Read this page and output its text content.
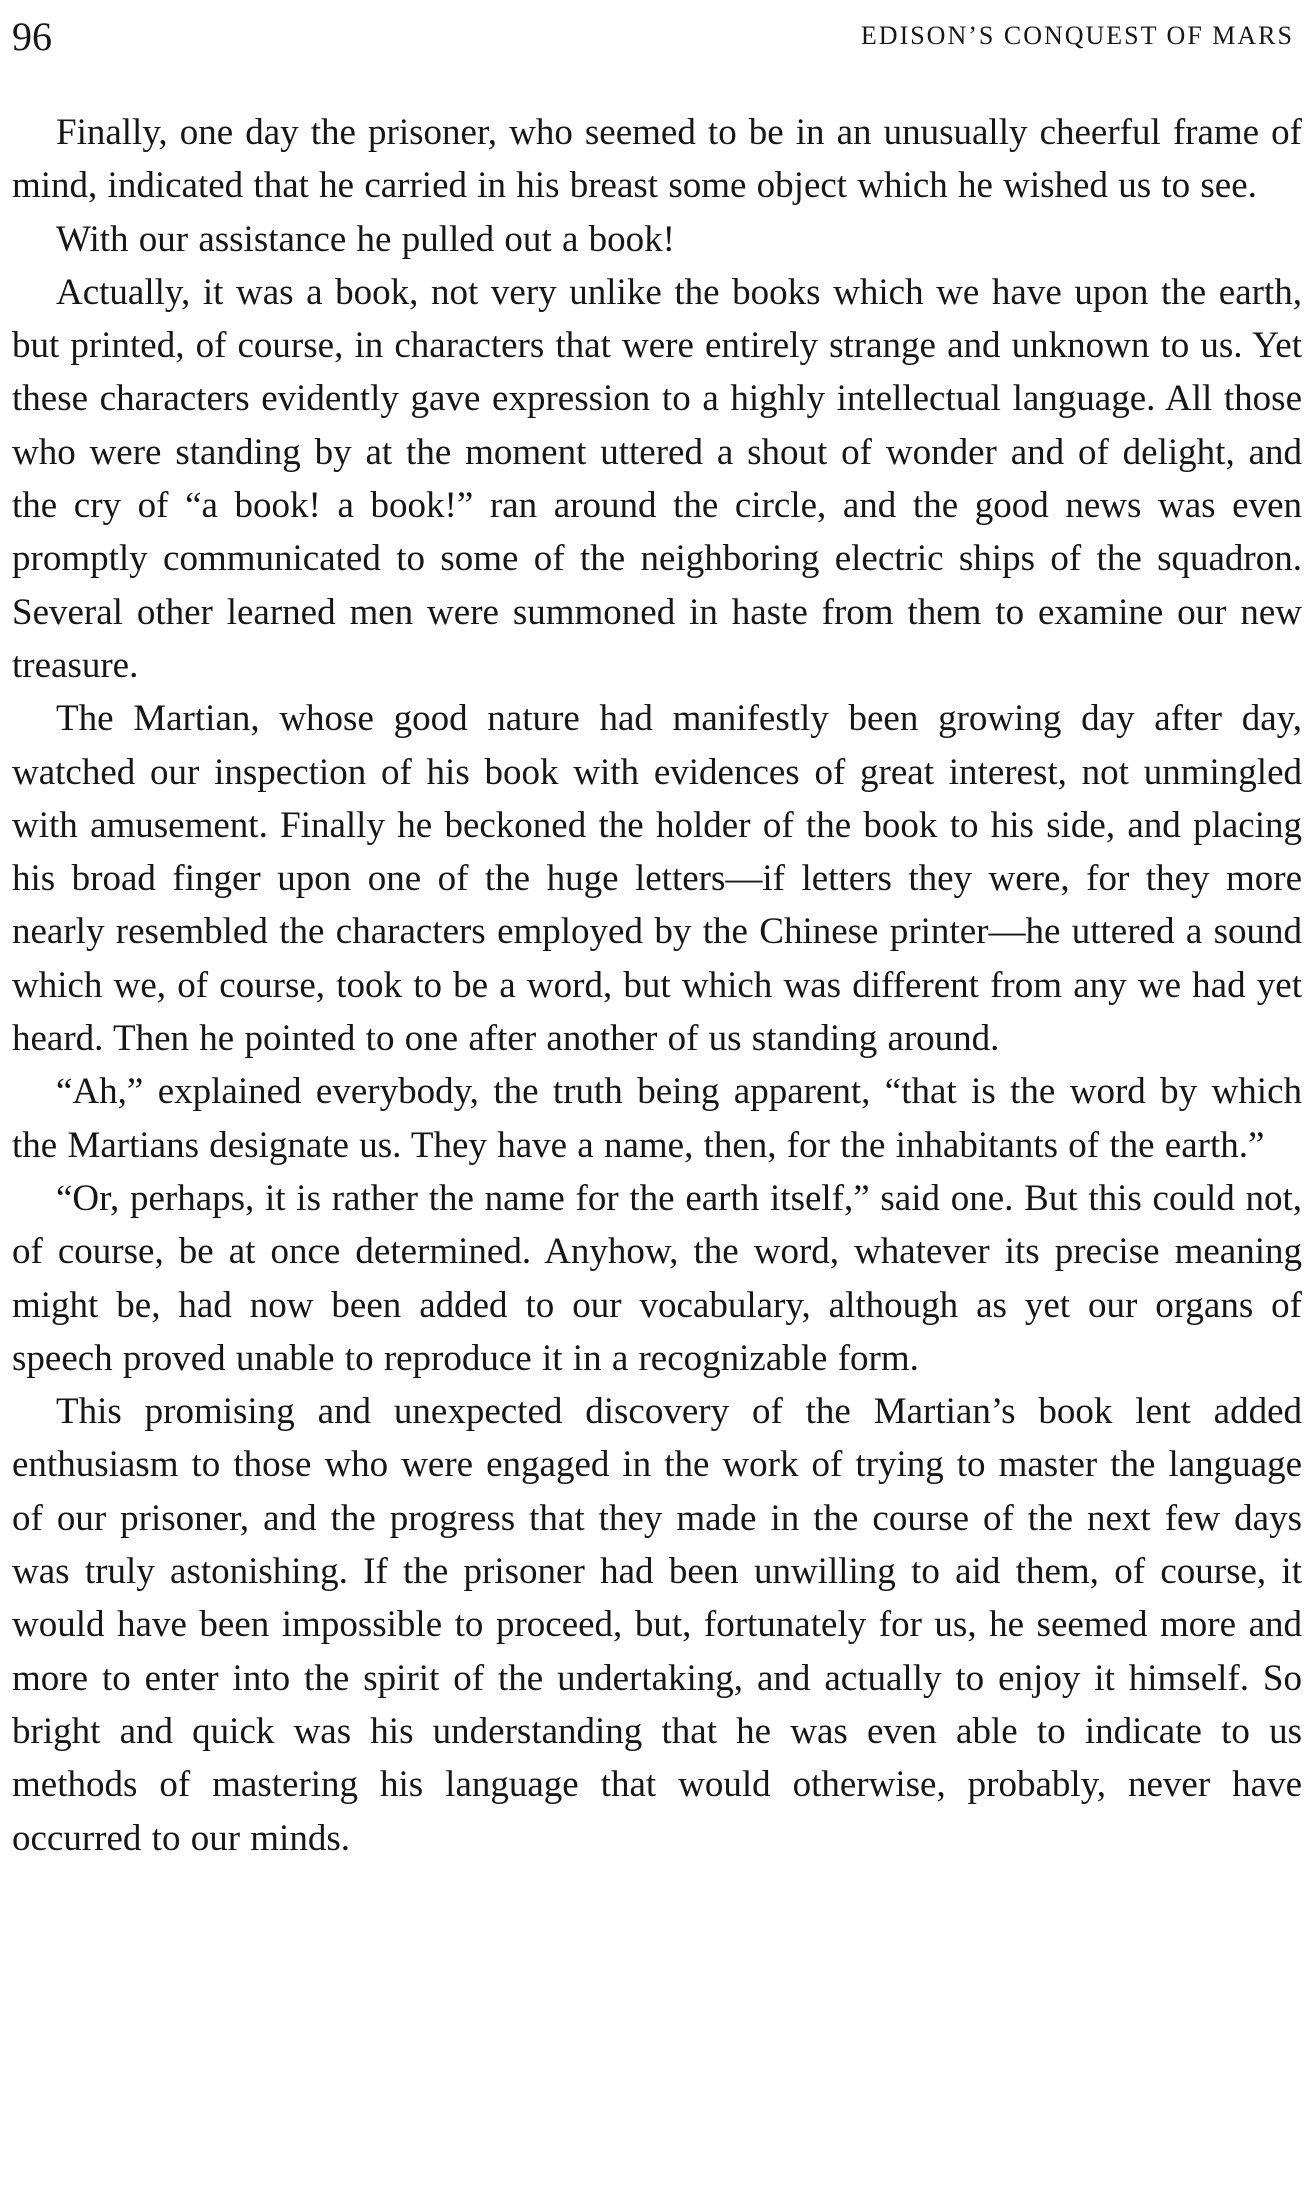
96	EDISON’S CONQUEST OF MARS

Finally, one day the prisoner, who seemed to be in an unusually cheerful frame of mind, indicated that he carried in his breast some object which he wished us to see.

With our assistance he pulled out a book!

Actually, it was a book, not very unlike the books which we have upon the earth, but printed, of course, in characters that were entirely strange and unknown to us. Yet these characters evidently gave expression to a highly intellectual language. All those who were standing by at the moment uttered a shout of wonder and of delight, and the cry of “a book! a book!” ran around the circle, and the good news was even promptly communicated to some of the neighboring electric ships of the squadron. Several other learned men were summoned in haste from them to examine our new treasure.

The Martian, whose good nature had manifestly been growing day after day, watched our inspection of his book with evidences of great interest, not unmingled with amusement. Finally he beckoned the holder of the book to his side, and placing his broad finger upon one of the huge letters—if letters they were, for they more nearly resembled the characters employed by the Chinese printer—he uttered a sound which we, of course, took to be a word, but which was different from any we had yet heard. Then he pointed to one after another of us standing around.

“Ah,” explained everybody, the truth being apparent, “that is the word by which the Martians designate us. They have a name, then, for the inhabitants of the earth.”

“Or, perhaps, it is rather the name for the earth itself,” said one. But this could not, of course, be at once determined. Anyhow, the word, whatever its precise meaning might be, had now been added to our vocabulary, although as yet our organs of speech proved unable to reproduce it in a recognizable form.

This promising and unexpected discovery of the Martian’s book lent added enthusiasm to those who were engaged in the work of trying to master the language of our prisoner, and the progress that they made in the course of the next few days was truly astonishing. If the prisoner had been unwilling to aid them, of course, it would have been impossible to proceed, but, fortunately for us, he seemed more and more to enter into the spirit of the undertaking, and actually to enjoy it himself. So bright and quick was his understanding that he was even able to indicate to us methods of mastering his language that would otherwise, probably, never have occurred to our minds.
